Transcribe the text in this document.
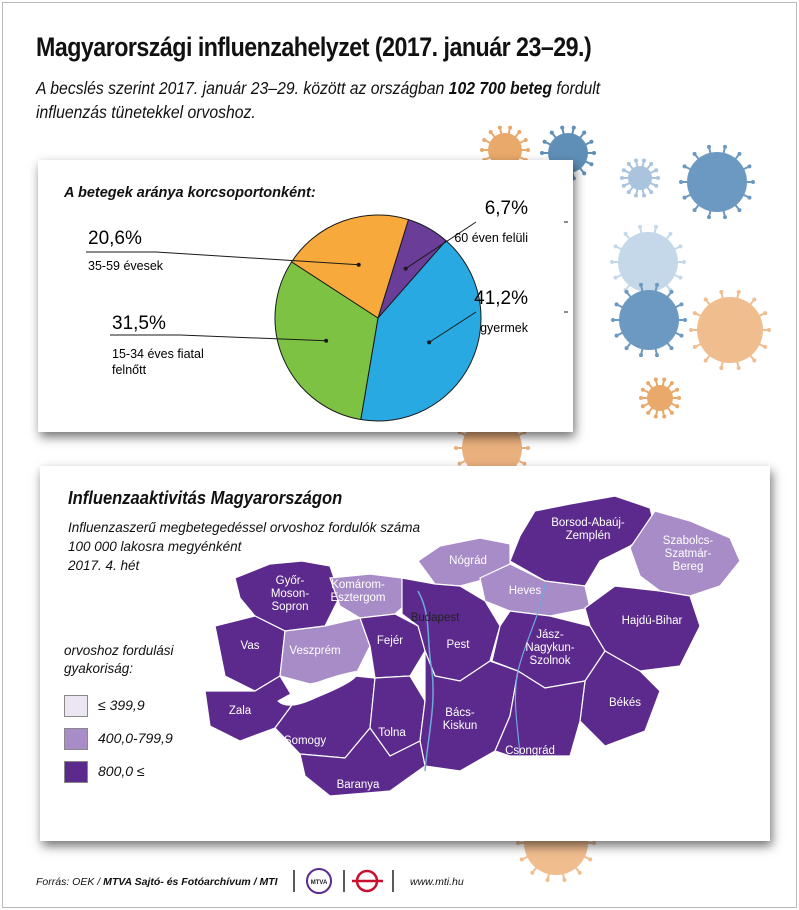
Magyarországi influenzahelyzet (2017. január 23–29.)
A becslés szerint 2017. január 23–29. között az országban 102 700 beteg fordult influenzás tünetekkel orvoshoz.
A betegek aránya korcsoportonként:
6,7%
60 éven felüli
41,2%
gyermek
31,5%
15-34 éves fiatal
felnőtt
20,6%
35-59 évesek
Borsod-Abaúj-Zemplén	Szabolcs-Szatmár-Bereg
Nógrád
Heves
Győr-Moson-Sopron
Komárom-Esztergom
Budapest
Pest
Hajdú-Bihar
Vas	Veszprém
Fejér	Jász-Nagykun-Szolnok
Zala
Somogy
Tolna
Bács-Kiskun
Békés
Csongrád
Baranya
Influenzaaktivitás Magyarországon
Influenzaszerű megbetegedéssel orvoshoz fordulók száma
100 000 lakosra megyénként
2017. 4. hét
orvoshoz fordulási
gyakoriság:
≤ 399,9
400,0-799,9
800,0 ≤
Forrás: OEK / MTVA Sajtó- és Fotóarchívum / MTI	MTVA	www.mti.hu
